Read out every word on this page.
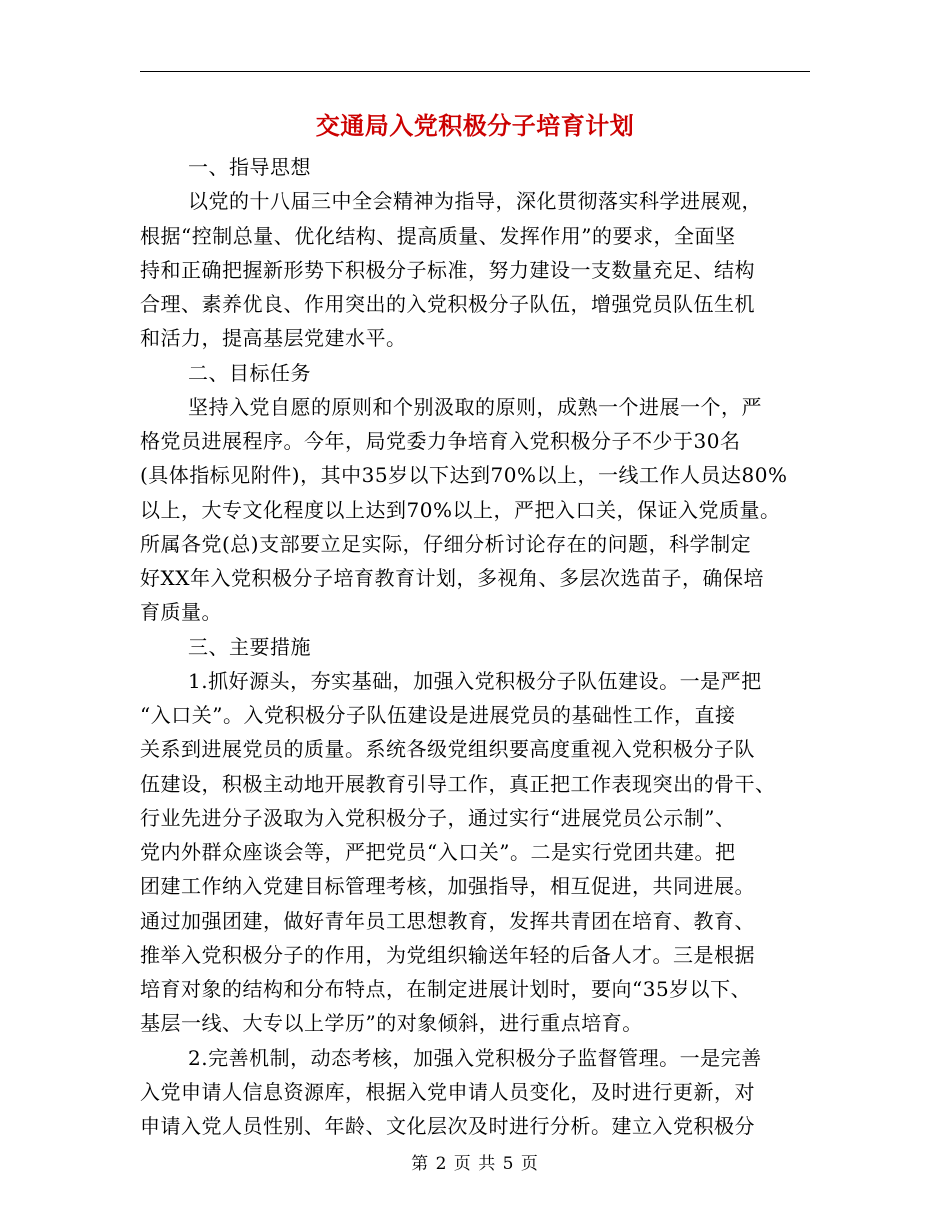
交通局入党积极分子培育计划
一、指导思想
以党的十八届三中全会精神为指导，深化贯彻落实科学进展观，
根据“控制总量、优化结构、提高质量、发挥作用”的要求，全面坚
持和正确把握新形势下积极分子标准，努力建设一支数量充足、结构
合理、素养优良、作用突出的入党积极分子队伍，增强党员队伍生机
和活力，提高基层党建水平。
二、目标任务
坚持入党自愿的原则和个别汲取的原则，成熟一个进展一个，严
格党员进展程序。今年，局党委力争培育入党积极分子不少于30名
(具体指标见附件)，其中35岁以下达到70%以上，一线工作人员达80%
以上，大专文化程度以上达到70%以上，严把入口关，保证入党质量。
所属各党(总)支部要立足实际，仔细分析讨论存在的问题，科学制定
好XX年入党积极分子培育教育计划，多视角、多层次选苗子，确保培
育质量。
三、主要措施
1.抓好源头，夯实基础，加强入党积极分子队伍建设。一是严把
“入口关”。入党积极分子队伍建设是进展党员的基础性工作，直接
关系到进展党员的质量。系统各级党组织要高度重视入党积极分子队
伍建设，积极主动地开展教育引导工作，真正把工作表现突出的骨干、
行业先进分子汲取为入党积极分子，通过实行“进展党员公示制”、
党内外群众座谈会等，严把党员“入口关”。二是实行党团共建。把
团建工作纳入党建目标管理考核，加强指导，相互促进，共同进展。
通过加强团建，做好青年员工思想教育，发挥共青团在培育、教育、
推举入党积极分子的作用，为党组织输送年轻的后备人才。三是根据
培育对象的结构和分布特点，在制定进展计划时，要向“35岁以下、
基层一线、大专以上学历”的对象倾斜，进行重点培育。
2.完善机制，动态考核，加强入党积极分子监督管理。一是完善
入党申请人信息资源库，根据入党申请人员变化，及时进行更新，对
申请入党人员性别、年龄、文化层次及时进行分析。建立入党积极分
第 2 页 共 5 页
